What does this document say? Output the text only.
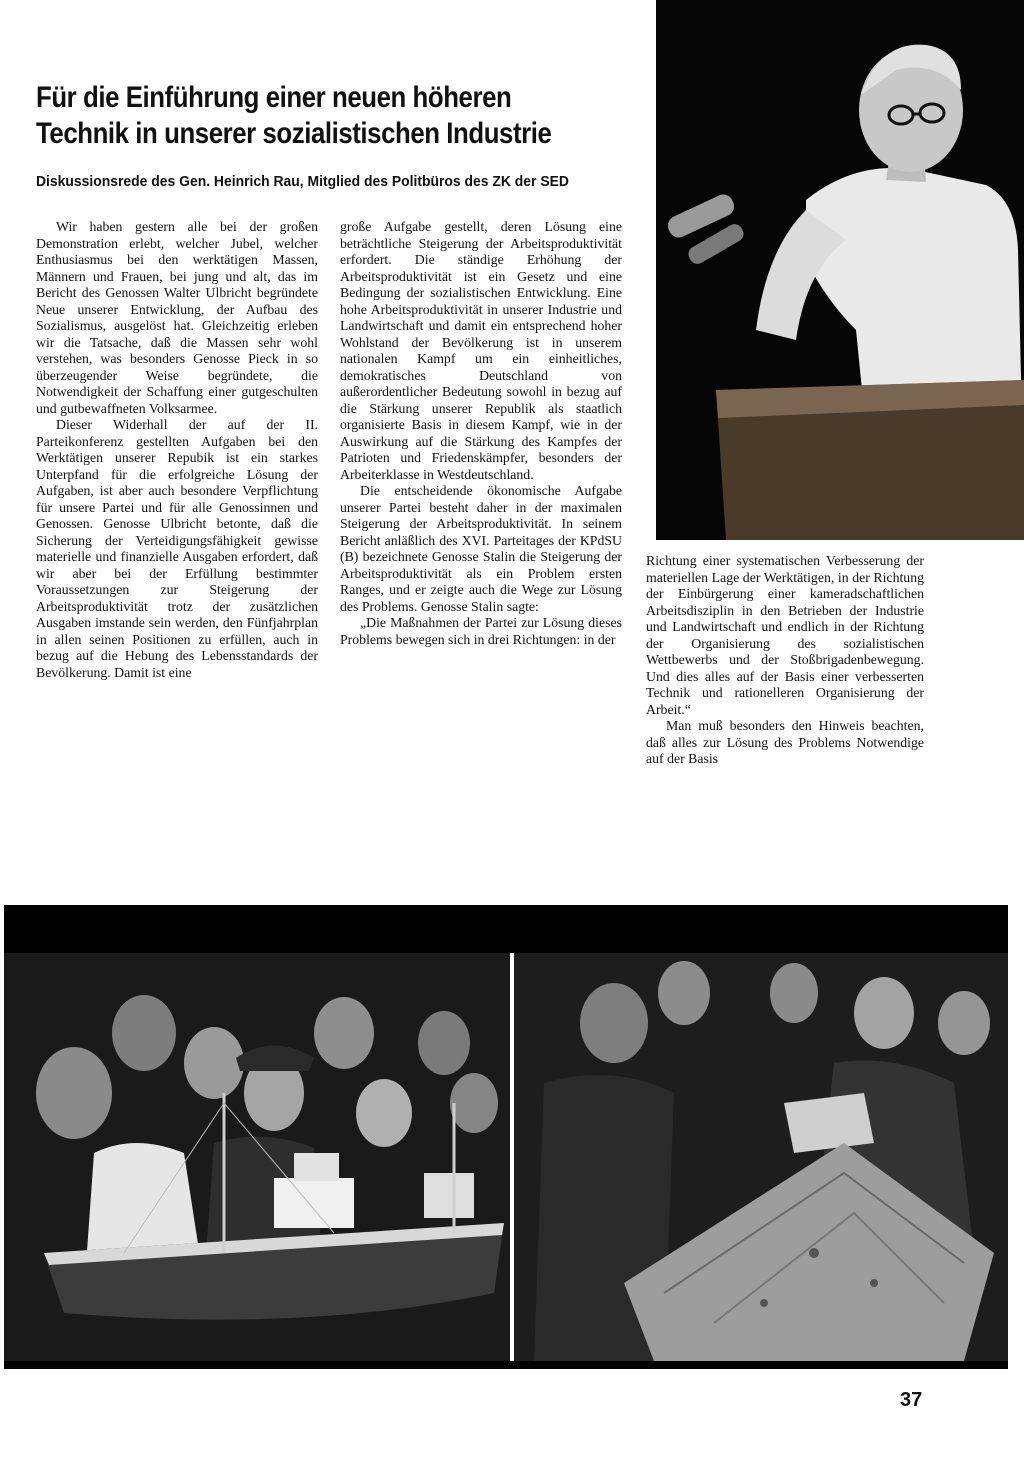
Für die Einführung einer neuen höheren
Technik in unserer sozialistischen Industrie
Diskussionsrede des Gen. Heinrich Rau, Mitglied des Politbüros des ZK der SED

Wir haben gestern alle bei der großen Demonstration erlebt, welcher Jubel, welcher Enthusiasmus bei den werktätigen Massen, Männern und Frauen, bei jung und alt, das im Bericht des Genossen Walter Ulbricht begründete Neue unserer Entwicklung, der Aufbau des Sozialismus, ausgelöst hat. Gleichzeitig erleben wir die Tatsache, daß die Massen sehr wohl verstehen, was besonders Genosse Pieck in so überzeugender Weise begründete, die Notwendigkeit der Schaffung einer gutgeschulten und gutbewaffneten Volksarmee.

Dieser Widerhall der auf der II. Parteikonferenz gestellten Aufgaben bei den Werktätigen unserer Repubik ist ein starkes Unterpfand für die erfolgreiche Lösung der Aufgaben, ist aber auch besondere Verpflichtung für unsere Partei und für alle Genossinnen und Genossen. Genosse Ulbricht betonte, daß die Sicherung der Verteidigungsfähigkeit gewisse materielle und finanzielle Ausgaben erfordert, daß wir aber bei der Erfüllung bestimmter Voraussetzungen zur Steigerung der Arbeitsproduktivität trotz der zusätzlichen Ausgaben imstande sein werden, den Fünfjahrplan in allen seinen Positionen zu erfüllen, auch in bezug auf die Hebung des Lebensstandards der Bevölkerung. Damit ist eine

große Aufgabe gestellt, deren Lösung eine beträchtliche Steigerung der Arbeitsproduktivität erfordert. Die ständige Erhöhung der Arbeitsproduktivität ist ein Gesetz und eine Bedingung der sozialistischen Entwicklung. Eine hohe Arbeitsproduktivität in unserer Industrie und Landwirtschaft und damit ein entsprechend hoher Wohlstand der Bevölkerung ist in unserem nationalen Kampf um ein einheitliches, demokratisches Deutschland von außerordentlicher Bedeutung sowohl in bezug auf die Stärkung unserer Republik als staatlich organisierte Basis in diesem Kampf, wie in der Auswirkung auf die Stärkung des Kampfes der Patrioten und Friedenskämpfer, besonders der Arbeiterklasse in Westdeutschland.

Die entscheidende ökonomische Aufgabe unserer Partei besteht daher in der maximalen Steigerung der Arbeitsproduktivität. In seinem Bericht anläßlich des XVI. Parteitages der KPdSU (B) bezeichnete Genosse Stalin die Steigerung der Arbeitsproduktivität als ein Problem ersten Ranges, und er zeigte auch die Wege zur Lösung des Problems. Genosse Stalin sagte:

„Die Maßnahmen der Partei zur Lösung dieses Problems bewegen sich in drei Richtungen: in der

Richtung einer systematischen Verbesserung der materiellen Lage der Werktätigen, in der Richtung der Einbürgerung einer kameradschaftlichen Arbeitsdisziplin in den Betrieben der Industrie und Landwirtschaft und endlich in der Richtung der Organisierung des sozialistischen Wettbewerbs und der Stoßbrigadenbewegung. Und dies alles auf der Basis einer verbesserten Technik und rationelleren Organisierung der Arbeit.“

Man muß besonders den Hinweis beachten, daß alles zur Lösung des Problems Notwendige auf der Basis

37
